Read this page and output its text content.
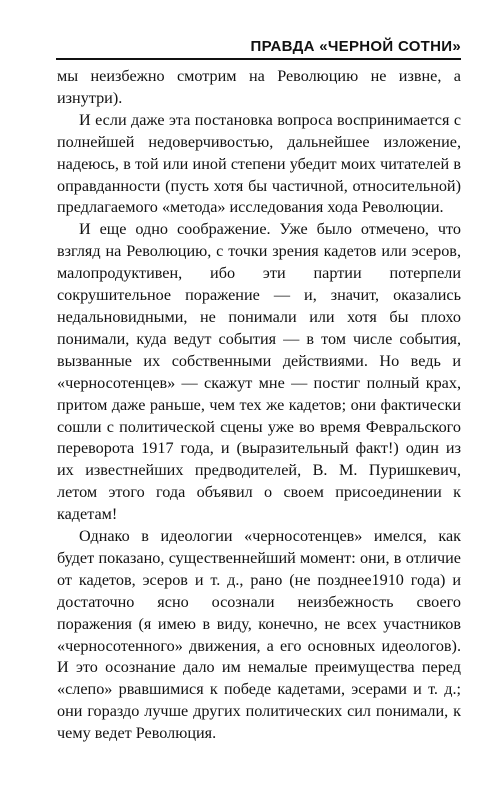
ПРАВДА «ЧЕРНОЙ СОТНИ»

мы неизбежно смотрим на Революцию не извне, а изнутри).

И если даже эта постановка вопроса воспринимается с полнейшей недоверчивостью, дальнейшее изложение, надеюсь, в той или иной степени убедит моих читателей в оправданности (пусть хотя бы частичной, относительной) предлагаемого «метода» исследования хода Революции.

И еще одно соображение. Уже было отмечено, что взгляд на Революцию, с точки зрения кадетов или эсеров, малопродуктивен, ибо эти партии потерпели сокрушительное поражение — и, значит, оказались недальновидными, не понимали или хотя бы плохо понимали, куда ведут события — в том числе события, вызванные их собственными действиями. Но ведь и «черносотенцев» — скажут мне — постиг полный крах, притом даже раньше, чем тех же кадетов; они фактически сошли с политической сцены уже во время Февральского переворота 1917 года, и (выразительный факт!) один из их известнейших предводителей, В. М. Пуришкевич, летом этого года объявил о своем присоединении к кадетам!

Однако в идеологии «черносотенцев» имелся, как будет показано, существеннейший момент: они, в отличие от кадетов, эсеров и т. д., рано (не позднее1910 года) и достаточно ясно осознали неизбежность своего поражения (я имею в виду, конечно, не всех участников «черносотенного» движения, а его основных идеологов). И это осознание дало им немалые преимущества перед «слепо» рвавшимися к победе кадетами, эсерами и т. д.; они гораздо лучше других политических сил понимали, к чему ведет Революция.
